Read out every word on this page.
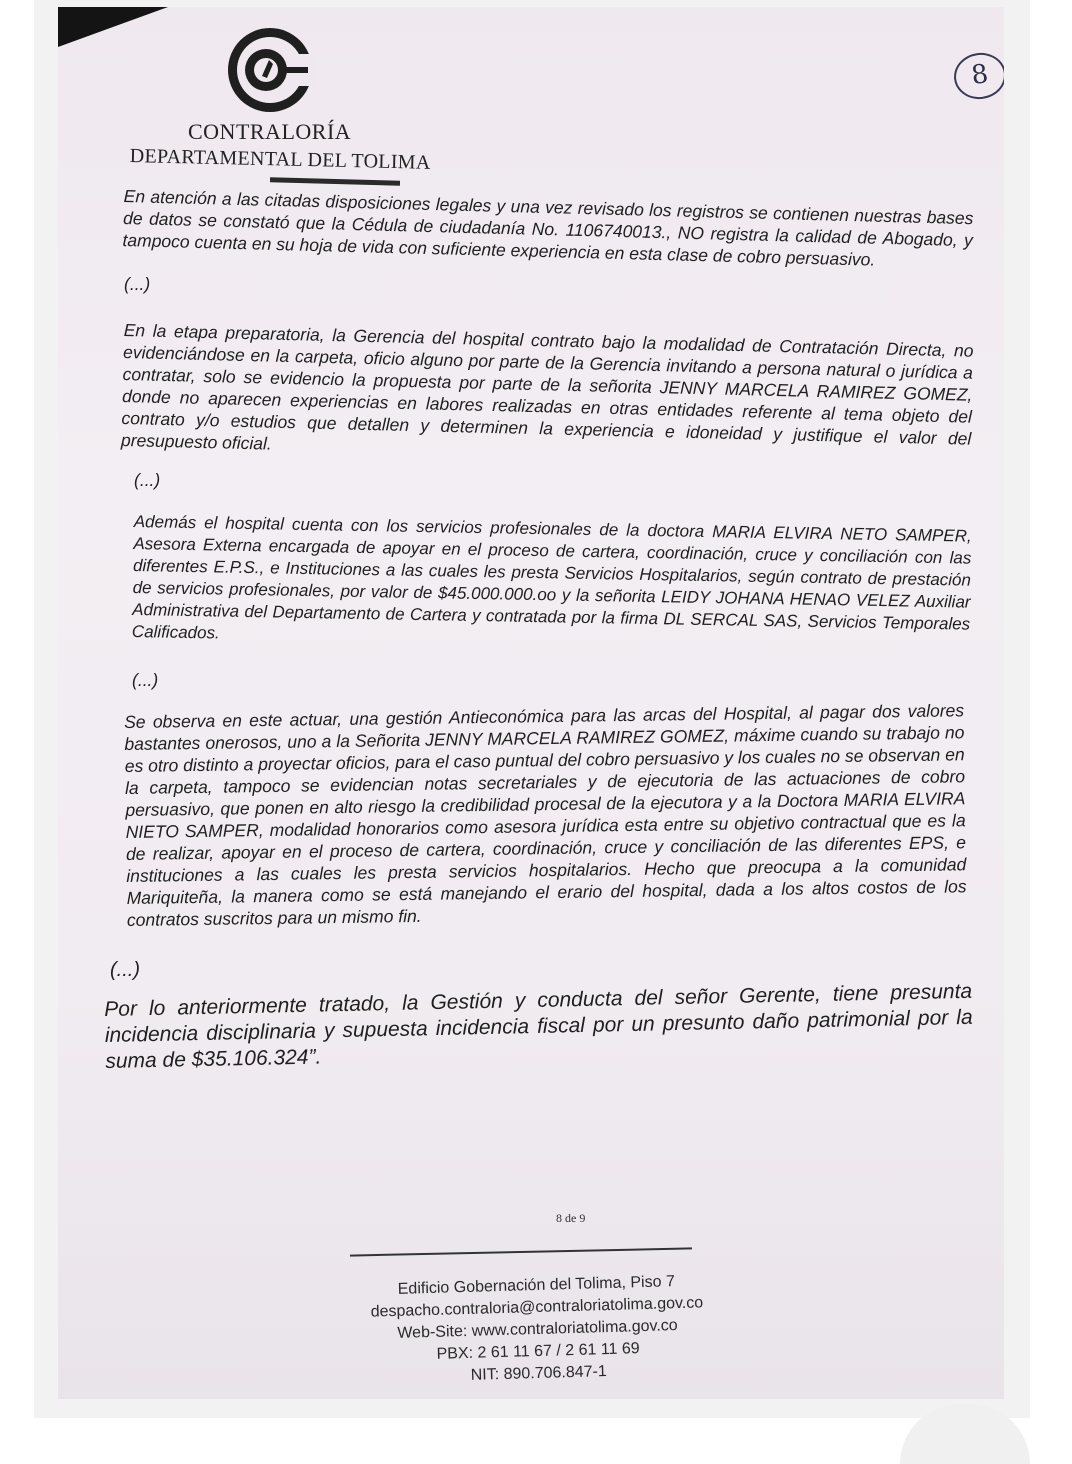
CONTRALORÍA
DEPARTAMENTAL DEL TOLIMA
8

En atención a las citadas disposiciones legales y una vez revisado los registros se contienen nuestras bases de datos se constató que la Cédula de ciudadanía No. 1106740013., NO registra la calidad de Abogado, y tampoco cuenta en su hoja de vida con suficiente experiencia en esta clase de cobro persuasivo.

(...)

En la etapa preparatoria, la Gerencia del hospital contrato bajo la modalidad de Contratación Directa, no evidenciándose en la carpeta, oficio alguno por parte de la Gerencia invitando a persona natural o jurídica a contratar, solo se evidencio la propuesta por parte de la señorita JENNY MARCELA RAMIREZ GOMEZ, donde no aparecen experiencias en labores realizadas en otras entidades referente al tema objeto del contrato y/o estudios que detallen y determinen la experiencia e idoneidad y justifique el valor del presupuesto oficial.

(...)

Además el hospital cuenta con los servicios profesionales de la doctora MARIA ELVIRA NETO SAMPER, Asesora Externa encargada de apoyar en el proceso de cartera, coordinación, cruce y conciliación con las diferentes E.P.S., e Instituciones a las cuales les presta Servicios Hospitalarios, según contrato de prestación de servicios profesionales, por valor de $45.000.000.oo y la señorita LEIDY JOHANA HENAO VELEZ Auxiliar Administrativa del Departamento de Cartera y contratada por la firma DL SERCAL SAS, Servicios Temporales Calificados.

(...)

Se observa en este actuar, una gestión Antieconómica para las arcas del Hospital, al pagar dos valores bastantes onerosos, uno a la Señorita JENNY MARCELA RAMIREZ GOMEZ, máxime cuando su trabajo no es otro distinto a proyectar oficios, para el caso puntual del cobro persuasivo y los cuales no se observan en la carpeta, tampoco se evidencian notas secretariales y de ejecutoria de las actuaciones de cobro persuasivo, que ponen en alto riesgo la credibilidad procesal de la ejecutora y a la Doctora MARIA ELVIRA NIETO SAMPER, modalidad honorarios como asesora jurídica esta entre su objetivo contractual que es la de realizar, apoyar en el proceso de cartera, coordinación, cruce y conciliación de las diferentes EPS, e instituciones a las cuales les presta servicios hospitalarios. Hecho que preocupa a la comunidad Mariquiteña, la manera como se está manejando el erario del hospital, dada a los altos costos de los contratos suscritos para un mismo fin.

(...)

Por lo anteriormente tratado, la Gestión y conducta del señor Gerente, tiene presunta incidencia disciplinaria y supuesta incidencia fiscal por un presunto daño patrimonial por la suma de $35.106.324”.

8 de 9
Edificio Gobernación del Tolima, Piso 7
despacho.contraloria@contraloriatolima.gov.co
Web-Site: www.contraloriatolima.gov.co
PBX: 2 61 11 67 / 2 61 11 69
NIT: 890.706.847-1
